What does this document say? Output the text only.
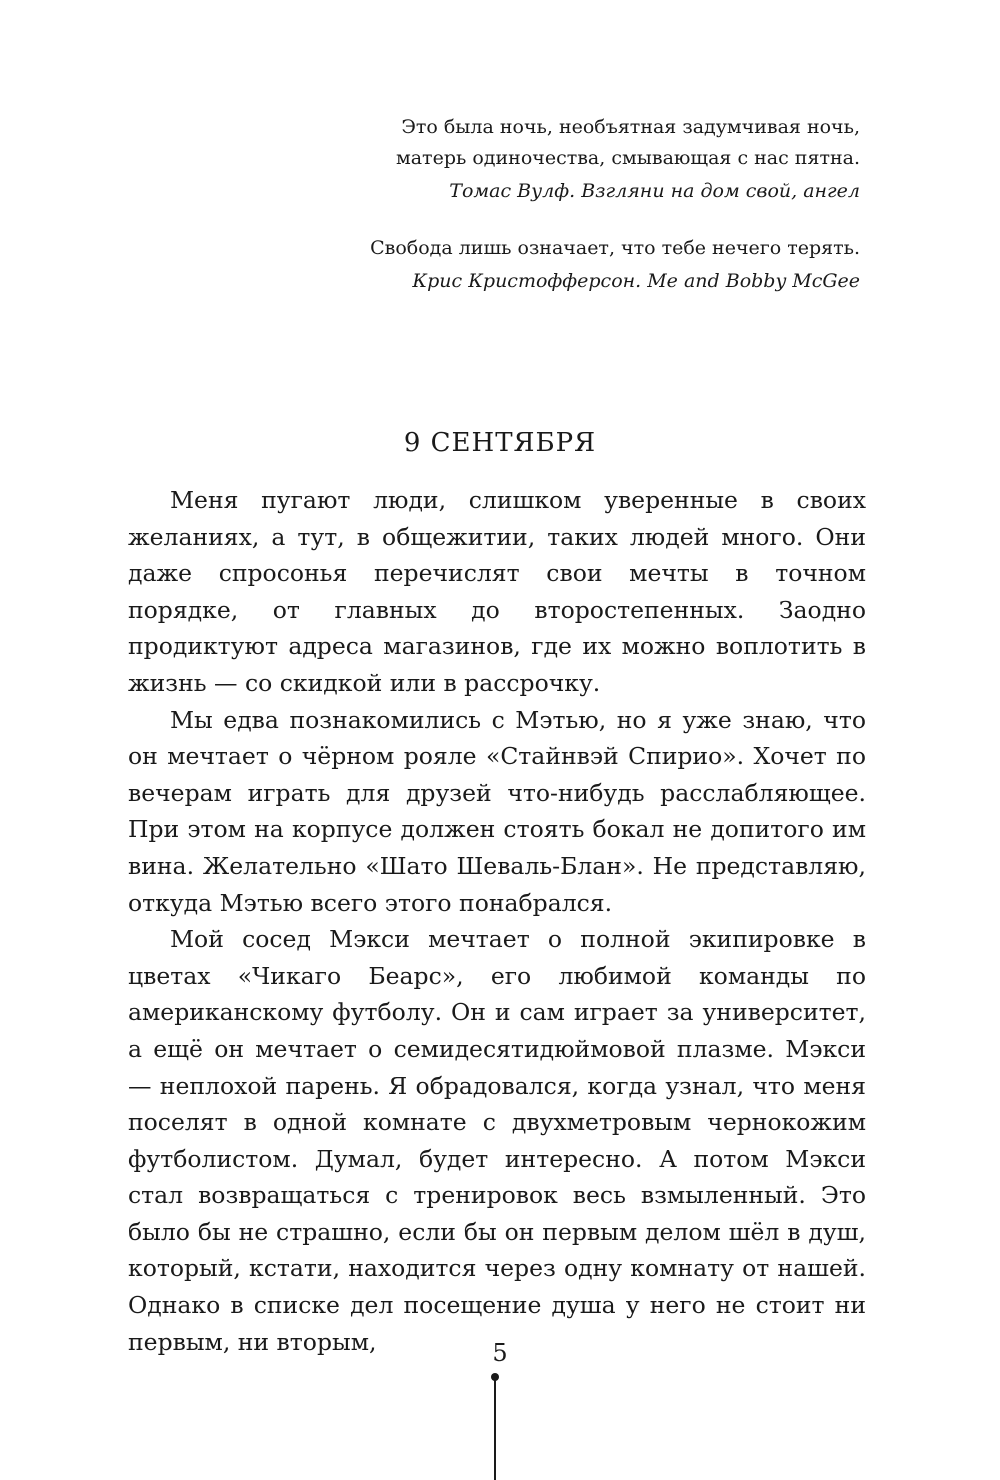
Это была ночь, необъятная задумчивая ночь,
матерь одиночества, смывающая с нас пятна.
Томас Вулф. Взгляни на дом свой, ангел
Свобода лишь означает, что тебе нечего терять.
Крис Кристофферсон. Me and Bobby McGee
9 СЕНТЯБРЯ

Меня пугают люди, слишком уверенные в своих желаниях, а тут, в общежитии, таких людей много. Они даже спросонья перечислят свои мечты в точном порядке, от главных до второстепенных. Заодно продиктуют адреса магазинов, где их можно воплотить в жизнь — со скидкой или в рассрочку.

Мы едва познакомились с Мэтью, но я уже знаю, что он мечтает о чёрном рояле «Стайнвэй Спирио». Хочет по вечерам играть для друзей что-нибудь расслабляющее. При этом на корпусе должен стоять бокал не допитого им вина. Желательно «Шато Шеваль-Блан». Не представляю, откуда Мэтью всего этого понабрался.

Мой сосед Мэкси мечтает о полной экипировке в цветах «Чикаго Беарс», его любимой команды по американскому футболу. Он и сам играет за университет, а ещё он мечтает о семидесятидюймовой плазме. Мэкси — неплохой парень. Я обрадовался, когда узнал, что меня поселят в одной комнате с двухметровым чернокожим футболистом. Думал, будет интересно. А потом Мэкси стал возвращаться с тренировок весь взмыленный. Это было бы не страшно, если бы он первым делом шёл в душ, который, кстати, находится через одну комнату от нашей. Однако в списке дел посещение душа у него не стоит ни первым, ни вторым,	5
